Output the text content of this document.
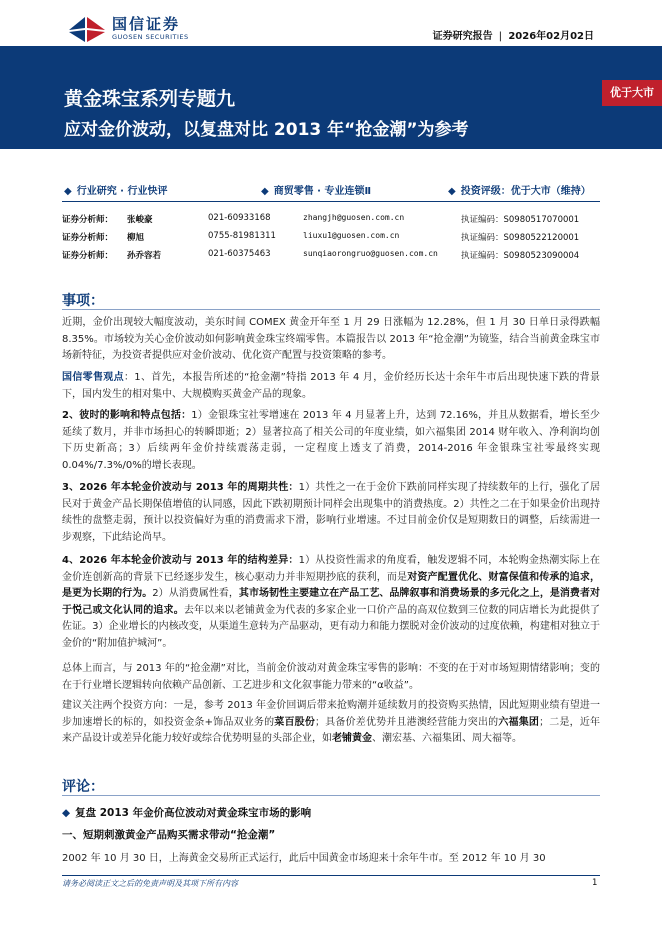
国信证券
GUOSEN SECURITIES	证券研究报告 | 2026年02月02日
黄金珠宝系列专题九
应对金价波动，以复盘对比 2013 年“抢金潮”为参考
优于大市
◆ 行业研究 · 行业快评	◆ 商贸零售 · 专业连锁Ⅱ	◆ 投资评级：优于大市（维持）
证券分析师： 张峻豪	021-60933168	zhangjh@guosen.com.cn	执证编码：S0980517070001
证券分析师： 柳旭	0755-81981311	liuxu1@guosen.com.cn	执证编码：S0980522120001
证券分析师： 孙乔容若	021-60375463	sunqiaorongruo@guosen.com.cn	执证编码：S0980523090004
事项：
近期，金价出现较大幅度波动，美东时间 COMEX 黄金开年至 1 月 29 日涨幅为 12.28%，但 1 月 30 日单日录得跌幅 8.35%。市场较为关心金价波动如何影响黄金珠宝终端零售。本篇报告以 2013 年“抢金潮”为镜鉴，结合当前黄金珠宝市场新特征，为投资者提供应对金价波动、优化资产配置与投资策略的参考。
国信零售观点：1、首先，本报告所述的“抢金潮”特指 2013 年 4 月，金价经历长达十余年牛市后出现快速下跌的背景下，国内发生的相对集中、大规模购买黄金产品的现象。
2、彼时的影响和特点包括：1）金银珠宝社零增速在 2013 年 4 月显著上升，达到 72.16%，并且从数据看，增长至少延续了数月，并非市场担心的转瞬即逝；2）显著拉高了相关公司的年度业绩，如六福集团 2014 财年收入、净利润均创下历史新高；3）后续两年金价持续震荡走弱，一定程度上透支了消费，2014-2016 年金银珠宝社零最终实现 0.04%/7.3%/0%的增长表现。
3、2026 年本轮金价波动与 2013 年的周期共性：1）共性之一在于金价下跌前同样实现了持续数年的上行，强化了居民对于黄金产品长期保值增值的认同感，因此下跌初期预计同样会出现集中的消费热度。2）共性之二在于如果金价出现持续性的盘整走弱，预计以投资偏好为重的消费需求下滑，影响行业增速。不过目前金价仅是短期数日的调整，后续需进一步观察，下此结论尚早。
4、2026 年本轮金价波动与 2013 年的结构差异：1）从投资性需求的角度看，触发逻辑不同，本轮购金热潮实际上在金价连创新高的背景下已经逐步发生，核心驱动力并非短期抄底的获利，而是对资产配置优化、财富保值和传承的追求，是更为长期的行为。2）从消费属性看，其市场韧性主要建立在产品工艺、品牌叙事和消费场景的多元化之上，是消费者对于悦己或文化认同的追求。去年以来以老铺黄金为代表的多家企业一口价产品的高双位数到三位数的同店增长为此提供了佐证。3）企业增长的内核改变，从渠道生意转为产品驱动，更有动力和能力摆脱对金价波动的过度依赖，构建相对独立于金价的“附加值护城河”。
总体上而言，与 2013 年的“抢金潮”对比，当前金价波动对黄金珠宝零售的影响：不变的在于对市场短期情绪影响；变的在于行业增长逻辑转向依赖产品创新、工艺进步和文化叙事能力带来的“α收益”。
建议关注两个投资方向：一是，参考 2013 年金价回调后带来抢购潮并延续数月的投资购买热情，因此短期业绩有望进一步加速增长的标的，如投资金条+饰品双业务的菜百股份；具备价差优势并且港澳经营能力突出的六福集团；二是，近年来产品设计或差异化能力较好或综合优势明显的头部企业，如老铺黄金、潮宏基、六福集团、周大福等。
评论：
◆ 复盘 2013 年金价高位波动对黄金珠宝市场的影响
一、短期刺激黄金产品购买需求带动“抢金潮”
2002 年 10 月 30 日，上海黄金交易所正式运行，此后中国黄金市场迎来十余年牛市。至 2012 年 10 月 30
请务必阅读正文之后的免责声明及其项下所有内容	1
